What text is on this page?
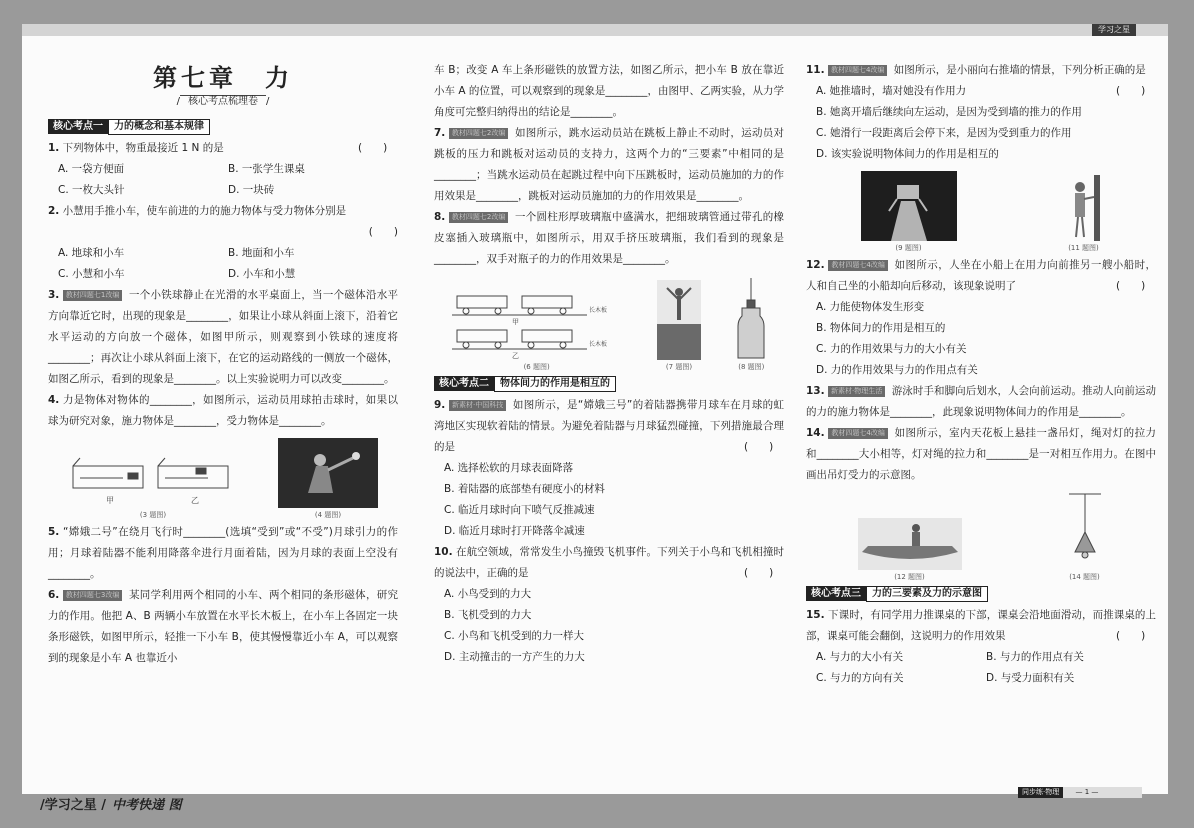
学习之星
第七章　力
/ 核心考点梳理卷 /
核心考点一	力的概念和基本规律
1.	(　　)
下列物体中，物重最接近 1 N 的是
A. 一袋方便面	B. 一张学生课桌
C. 一枚大头针	D. 一块砖
2. 小慧用手推小车，使车前进的力的施力物体与受力物体分别是
(　　)
A. 地球和小车	B. 地面和小车
C. 小慧和小车	D. 小车和小慧
3. 教材四题七1改编 一个小铁球静止在光滑的水平桌面上，当一个磁体沿水平方向靠近它时，出现的现象是________，如果让小球从斜面上滚下，沿着它水平运动的方向放一个磁体，如图甲所示，则观察到小铁球的速度将________；再次让小球从斜面上滚下，在它的运动路线的一侧放一个磁体，如图乙所示，看到的现象是________。以上实验说明力可以改变________。
4. 力是物体对物体的________，如图所示，运动员用球拍击球时，如果以球为研究对象，施力物体是________，受力物体是________。
甲	乙
(3 题图)	(4 题图)
5. “嫦娥二号”在绕月飞行时________(选填“受到”或“不受”)月球引力的作用；月球着陆器不能利用降落伞进行月面着陆，因为月球的表面上空没有________。
6. 教材四题七3改编 某同学利用两个相同的小车、两个相同的条形磁体，研究力的作用。他把 A、B 两辆小车放置在水平长木板上，在小车上各固定一块条形磁铁，如图甲所示，轻推一下小车 B，使其慢慢靠近小车 A，可以观察到的现象是小车 A 也靠近小
车 B；改变 A 车上条形磁铁的放置方法，如图乙所示，把小车 B 放在靠近小车 A 的位置，可以观察到的现象是________，由图甲、乙两实验，从力学角度可完整归纳得出的结论是________。
7. 教材四题七2改编 如图所示，跳水运动员站在跳板上静止不动时，运动员对跳板的压力和跳板对运动员的支持力，这两个力的“三要素”中相同的是________；当跳水运动员在起跳过程中向下压跳板时，运动员施加的力的作用效果是________，跳板对运动员施加的力的作用效果是________。
8. 教材四题七2改编 一个圆柱形厚玻璃瓶中盛满水，把细玻璃管通过带孔的橡皮塞插入玻璃瓶中，如图所示，用双手挤压玻璃瓶，我们看到的现象是________，双手对瓶子的力的作用效果是________。
甲
乙
长木板
长木板
(6 题图)	(7 题图)	(8 题图)
核心考点二	物体间力的作用是相互的
9. 新素材·中国科技 如图所示，是“嫦娥三号”的着陆器携带月球车在月球的虹湾地区实现软着陆的情景。为避免着陆器与月球猛烈碰撞，下列措施最合理的是	(　　)
A. 选择松软的月球表面降落
B. 着陆器的底部垫有硬度小的材料
C. 临近月球时向下喷气反推减速
D. 临近月球时打开降落伞减速
10. 在航空领域，常常发生小鸟撞毁飞机事件。下列关于小鸟和飞机相撞时的说法中，正确的是	(　　)
A. 小鸟受到的力大
B. 飞机受到的力大
C. 小鸟和飞机受到的力一样大
D. 主动撞击的一方产生的力大
11. 教材四题七4改编 如图所示，是小丽向右推墙的情景，下列分析正确的是
(　　)
A. 她推墙时，墙对她没有作用力
B. 她离开墙后继续向左运动，是因为受到墙的推力的作用
C. 她滑行一段距离后会停下来，是因为受到重力的作用
D. 该实验说明物体间力的作用是相互的
(9 题图)	(11 题图)
12. 教材四题七4改编 如图所示，人坐在小船上在用力向前推另一艘小船时，人和自己坐的小船却向后移动，该现象说明了	(　　)
A. 力能使物体发生形变
B. 物体间力的作用是相互的
C. 力的作用效果与力的大小有关
D. 力的作用效果与力的作用点有关
13. 新素材·物理生活 游泳时手和脚向后划水，人会向前运动。推动人向前运动的力的施力物体是________，此现象说明物体间力的作用是________。
14. 教材四题七4改编 如图所示，室内天花板上悬挂一盏吊灯，绳对灯的拉力和________大小相等，灯对绳的拉力和________是一对相互作用力。在图中画出吊灯受力的示意图。
(12 题图)	(14 题图)
核心考点三	力的三要素及力的示意图
15. 下课时，有同学用力推课桌的下部，课桌会沿地面滑动，而推课桌的上部，课桌可能会翻倒，这说明力的作用效果	(　　)
A. 与力的大小有关	B. 与力的作用点有关
C. 与力的方向有关	D. 与受力面积有关
/学习之星 / 中考快递 图
同步练·物理 — 1 —
